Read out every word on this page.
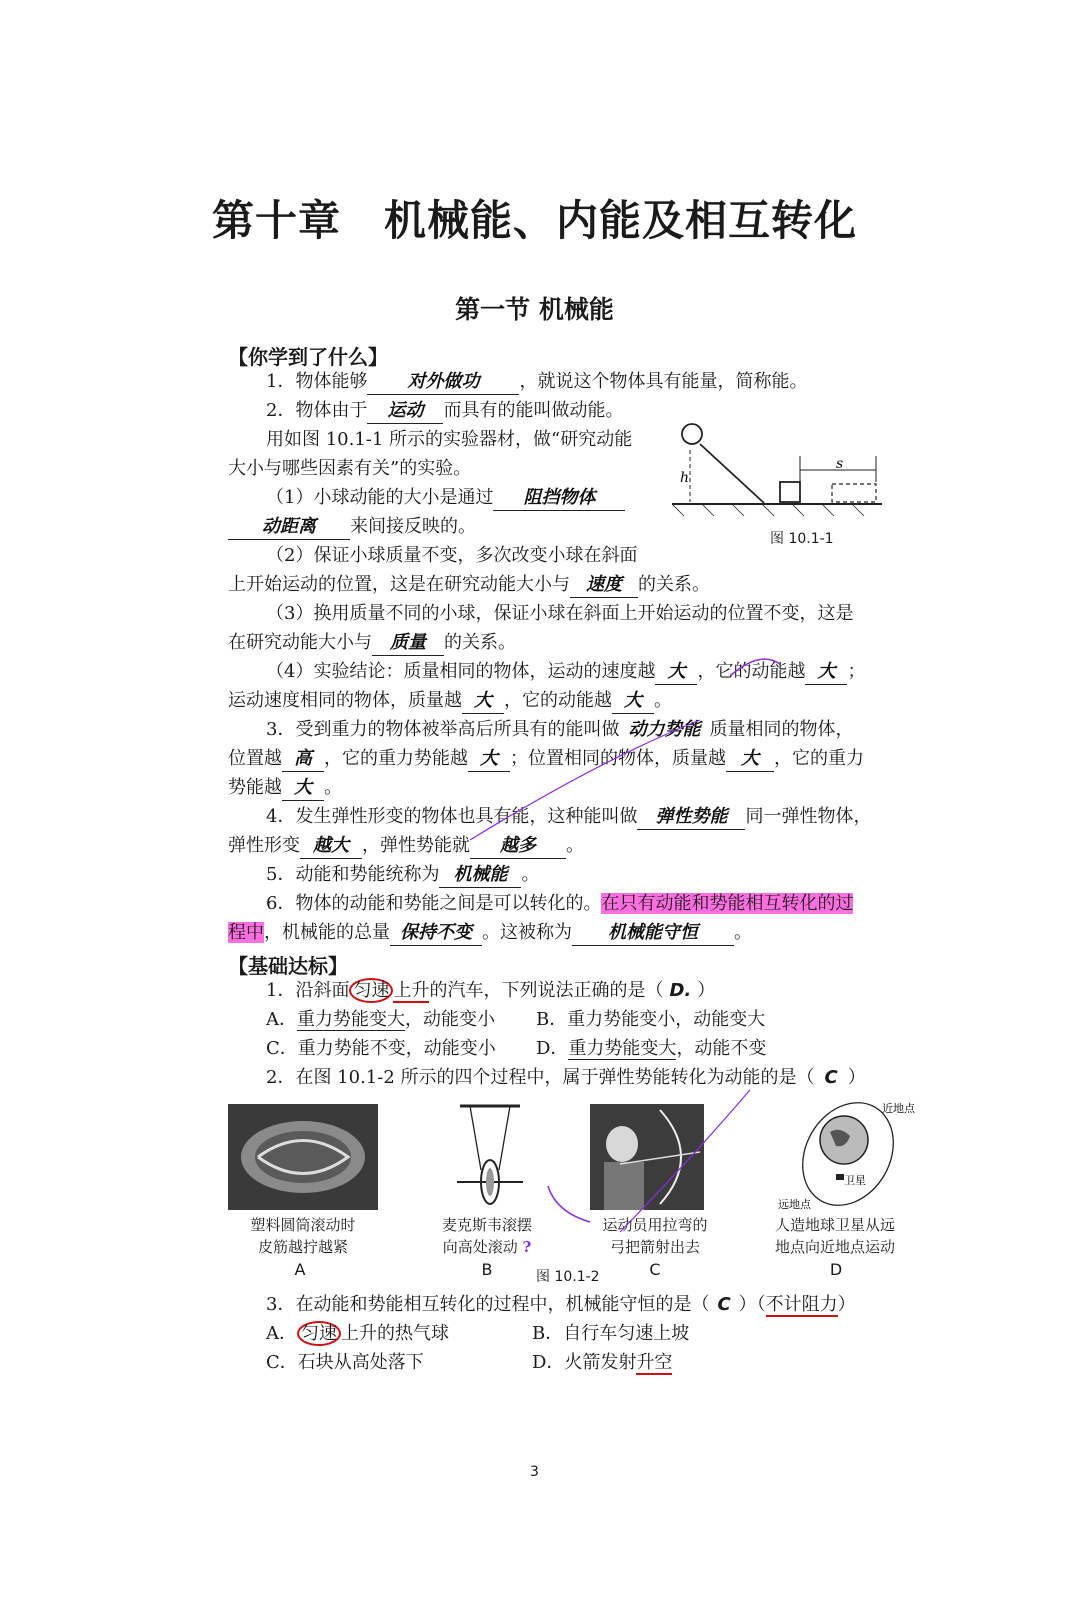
第十章　机械能、内能及相互转化
第一节 机械能
【你学到了什么】
1．物体能够 对外做功 ，就说这个物体具有能量，简称能。
2．物体由于 运动 而具有的能叫做动能。
用如图 10.1-1 所示的实验器材，做“研究动能
大小与哪些因素有关”的实验。
（1）小球动能的大小是通过 阻挡物体
动距离 来间接反映的。
（2）保证小球质量不变，多次改变小球在斜面
上开始运动的位置，这是在研究动能大小与 速度 的关系。
（3）换用质量不同的小球，保证小球在斜面上开始运动的位置不变，这是
在研究动能大小与 质量 的关系。
（4）实验结论：质量相同的物体，运动的速度越 大 ，它的动能越 大 ；
运动速度相同的物体，质量越 大 ，它的动能越 大 。
3．受到重力的物体被举高后所具有的能叫做 动力势能 质量相同的物体，
位置越 高 ，它的重力势能越 大 ；位置相同的物体，质量越 大 ，它的重力
势能越 大 。
4．发生弹性形变的物体也具有能，这种能叫做 弹性势能 同一弹性物体，
弹性形变 越大 ，弹性势能就 越多 。
5．动能和势能统称为 机械能 。
6．物体的动能和势能之间是可以转化的。在只有动能和势能相互转化的过
程中，机械能的总量 保持不变 。这被称为 机械能守恒 。
h
s
图 10.1-1
【基础达标】
1．沿斜面 匀速 上升的汽车，下列说法正确的是（ D. ）
A．重力势能变大，动能变小 B．重力势能变小，动能变大
C．重力势能不变，动能变小 D．重力势能变大，动能不变
2．在图 10.1-2 所示的四个过程中，属于弹性势能转化为动能的是（ C ）
近地点
远地点
卫星
塑料圆筒滚动时
皮筋越拧越紧
麦克斯韦滚摆
向高处滚动 ?
运动员用拉弯的
弓把箭射出去
人造地球卫星从远
地点向近地点运动
A	B	C	D
图 10.1-2
3．在动能和势能相互转化的过程中，机械能守恒的是（ C ）（不计阻力）
A． 匀速 上升的热气球	B．自行车匀速上坡
C．石块从高处落下	D．火箭发射升空
3
